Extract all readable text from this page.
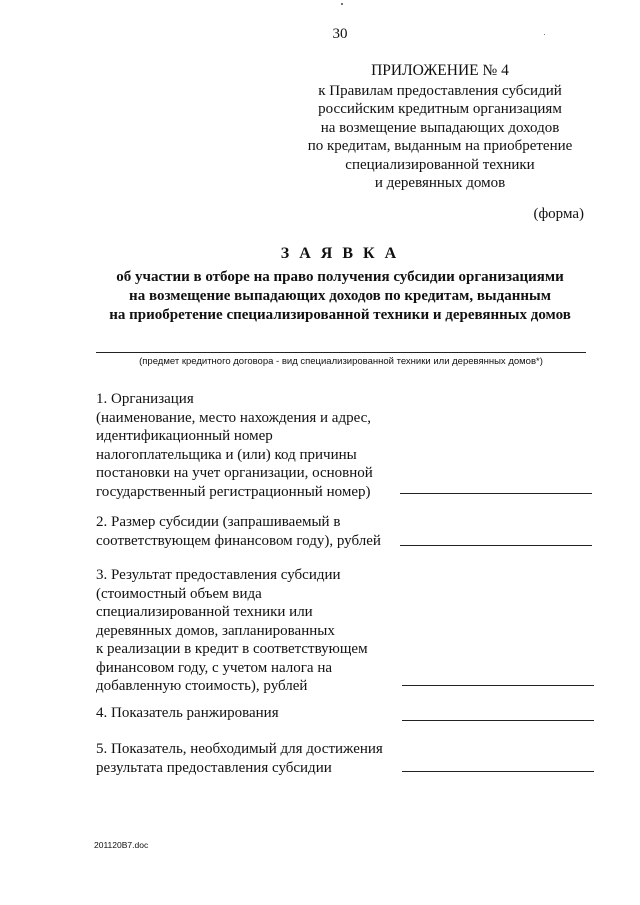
30
ПРИЛОЖЕНИЕ № 4
к Правилам предоставления субсидий
российским кредитным организациям
на возмещение выпадающих доходов
по кредитам, выданным на приобретение
специализированной техники
и деревянных домов
(форма)
З А Я В К А
об участии в отборе на право получения субсидии организациями
на возмещение выпадающих доходов по кредитам, выданным
на приобретение специализированной техники и деревянных домов
(предмет кредитного договора - вид специализированной техники или деревянных домов*)
1. Организация
(наименование, место нахождения и адрес,
идентификационный номер
налогоплательщика и (или) код причины
постановки на учет организации, основной
государственный регистрационный номер)
2. Размер субсидии (запрашиваемый в
соответствующем финансовом году), рублей
3. Результат предоставления субсидии
(стоимостный объем вида
специализированной техники или
деревянных домов, запланированных
к реализации в кредит в соответствующем
финансовом году, с учетом налога на
добавленную стоимость), рублей
4. Показатель ранжирования
5. Показатель, необходимый для достижения
результата предоставления субсидии
201120B7.doc
